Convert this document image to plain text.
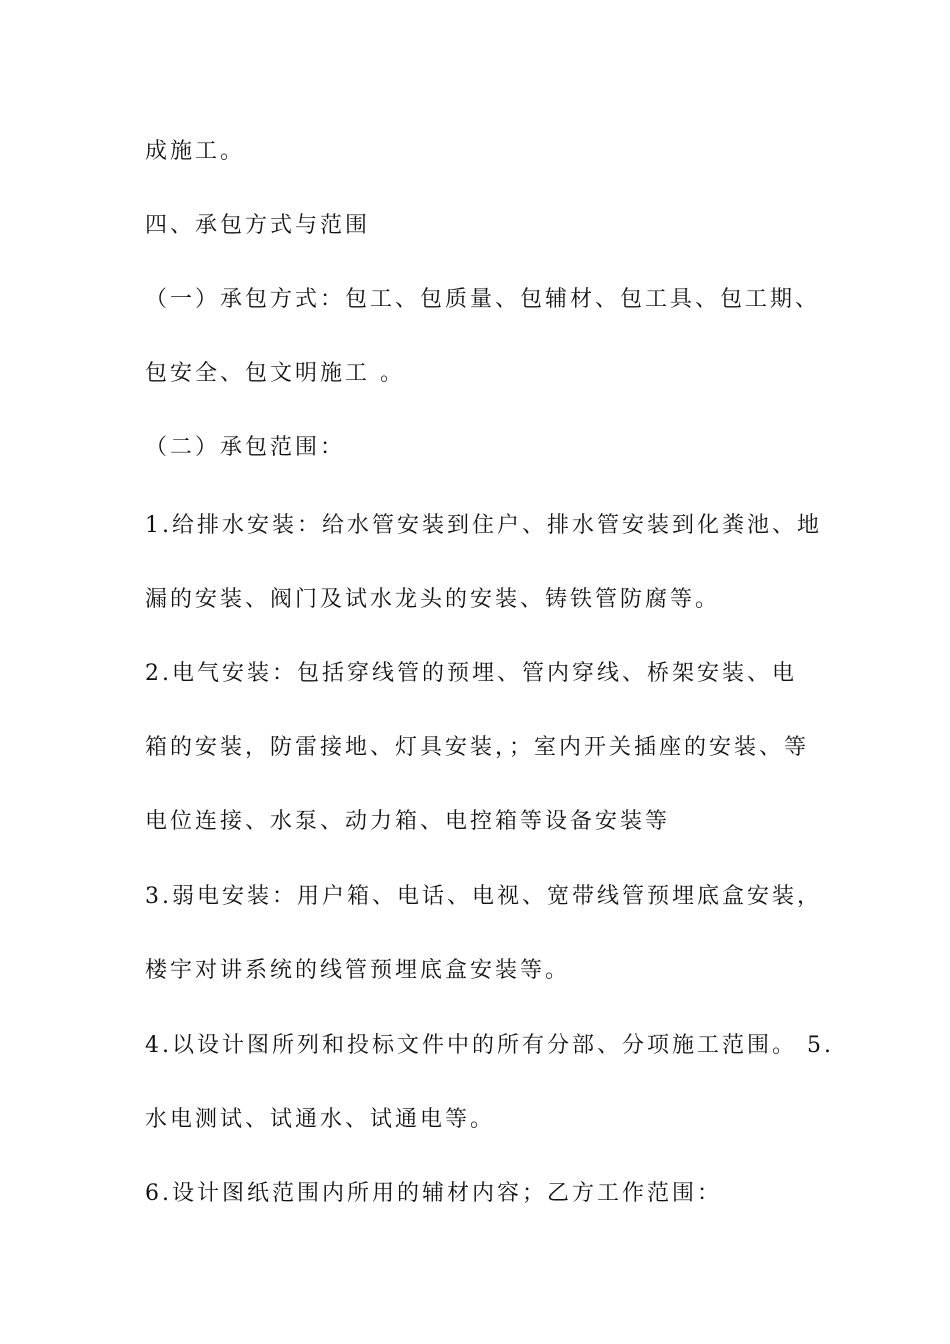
成施工。
四、承包方式与范围
（一）承包方式：包工、包质量、包辅材、包工具、包工期、
包安全、包文明施工 。
（二）承包范围：
1.给排水安装：给水管安装到住户、排水管安装到化粪池、地
漏的安装、阀门及试水龙头的安装、铸铁管防腐等。
2.电气安装：包括穿线管的预埋、管内穿线、桥架安装、电
箱的安装，防雷接地、灯具安装，；室内开关插座的安装、等
电位连接、水泵、动力箱、电控箱等设备安装等
3.弱电安装：用户箱、电话、电视、宽带线管预埋底盒安装，
楼宇对讲系统的线管预埋底盒安装等。
4.以设计图所列和投标文件中的所有分部、分项施工范围。 5.
水电测试、试通水、试通电等。
6.设计图纸范围内所用的辅材内容；乙方工作范围：
